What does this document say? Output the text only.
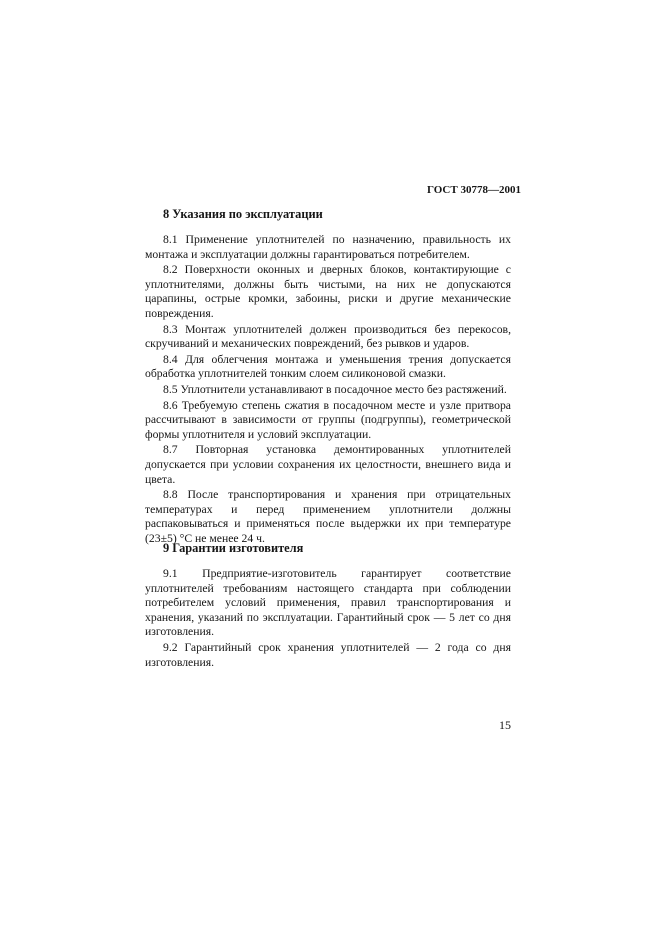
ГОСТ 30778—2001
8 Указания по эксплуатации

8.1 Применение уплотнителей по назначению, правильность их монтажа и эксплуатации должны гарантироваться потребителем.

8.2 Поверхности оконных и дверных блоков, контактирующие с уплотнителями, должны быть чистыми, на них не допускаются царапины, острые кромки, забоины, риски и другие механические повреждения.

8.3 Монтаж уплотнителей должен производиться без перекосов, скручиваний и механических повреждений, без рывков и ударов.

8.4 Для облегчения монтажа и уменьшения трения допускается обработка уплотнителей тонким слоем силиконовой смазки.

8.5 Уплотнители устанавливают в посадочное место без растяжений.

8.6 Требуемую степень сжатия в посадочном месте и узле притвора рассчитывают в зависимости от группы (подгруппы), геометрической формы уплотнителя и условий эксплуатации.

8.7 Повторная установка демонтированных уплотнителей допускается при условии сохранения их целостности, внешнего вида и цвета.

8.8 После транспортирования и хранения при отрицательных температурах и перед применением уплотнители должны распаковываться и применяться после выдержки их при температуре (23±5) °С не менее 24 ч.

9 Гарантии изготовителя

9.1 Предприятие-изготовитель гарантирует соответствие уплотнителей требованиям настоящего стандарта при соблюдении потребителем условий применения, правил транспортирования и хранения, указаний по эксплуатации. Гарантийный срок — 5 лет со дня изготовления.

9.2 Гарантийный срок хранения уплотнителей — 2 года со дня изготовления.

15
